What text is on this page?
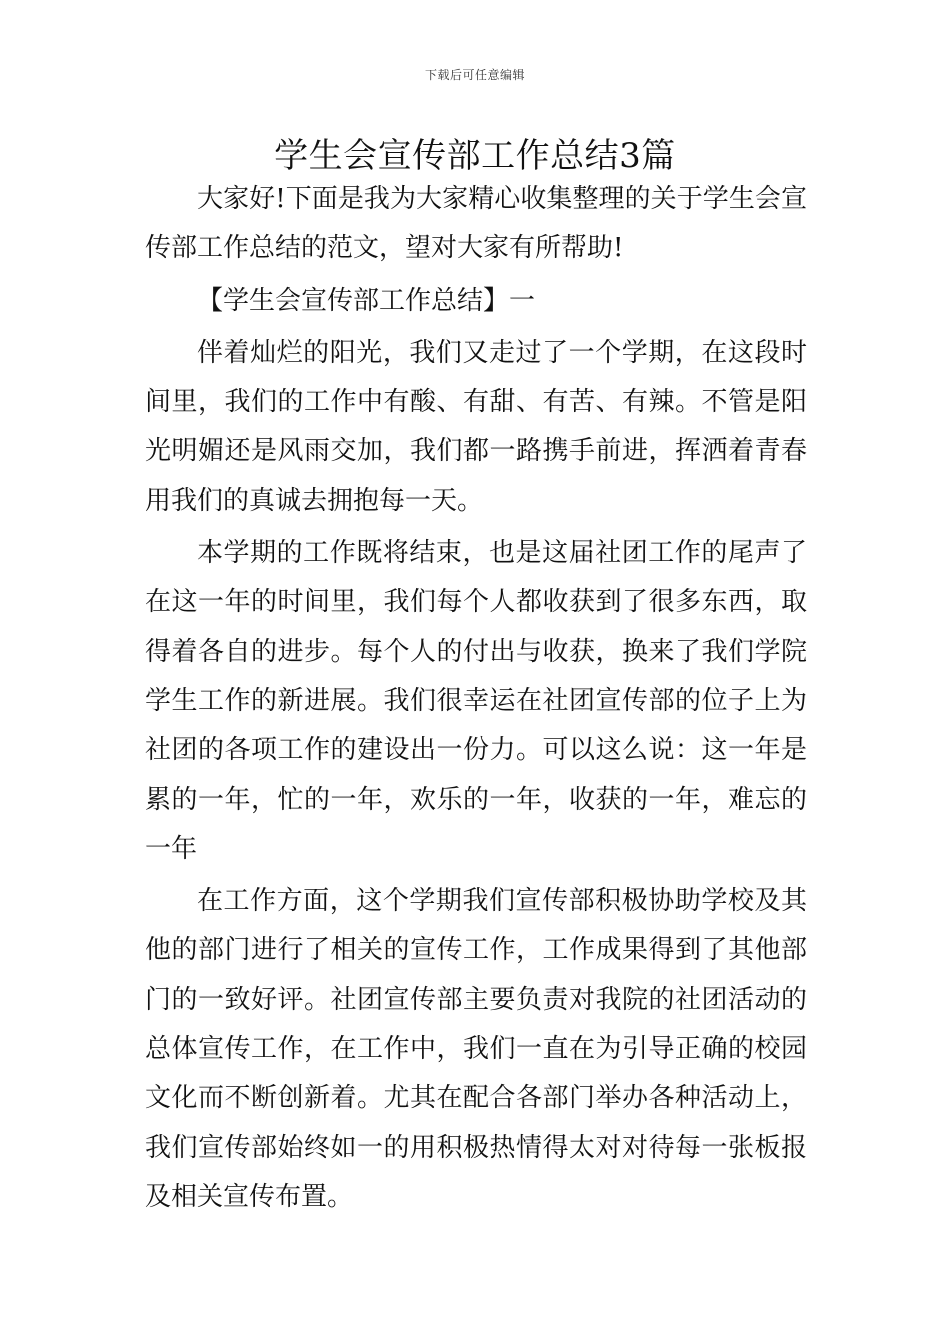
下载后可任意编辑
学生会宣传部工作总结3篇

大家好!下面是我为大家精心收集整理的关于学生会宣传部工作总结的范文，望对大家有所帮助!

【学生会宣传部工作总结】一

伴着灿烂的阳光，我们又走过了一个学期，在这段时间里，我们的工作中有酸、有甜、有苦、有辣。不管是阳光明媚还是风雨交加，我们都一路携手前进，挥洒着青春用我们的真诚去拥抱每一天。

本学期的工作既将结束，也是这届社团工作的尾声了在这一年的时间里，我们每个人都收获到了很多东西，取得着各自的进步。每个人的付出与收获，换来了我们学院学生工作的新进展。我们很幸运在社团宣传部的位子上为社团的各项工作的建设出一份力。可以这么说：这一年是累的一年，忙的一年，欢乐的一年，收获的一年，难忘的一年

在工作方面，这个学期我们宣传部积极协助学校及其他的部门进行了相关的宣传工作，工作成果得到了其他部门的一致好评。社团宣传部主要负责对我院的社团活动的总体宣传工作，在工作中，我们一直在为引导正确的校园文化而不断创新着。尤其在配合各部门举办各种活动上，我们宣传部始终如一的用积极热情得太对对待每一张板报及相关宣传布置。
